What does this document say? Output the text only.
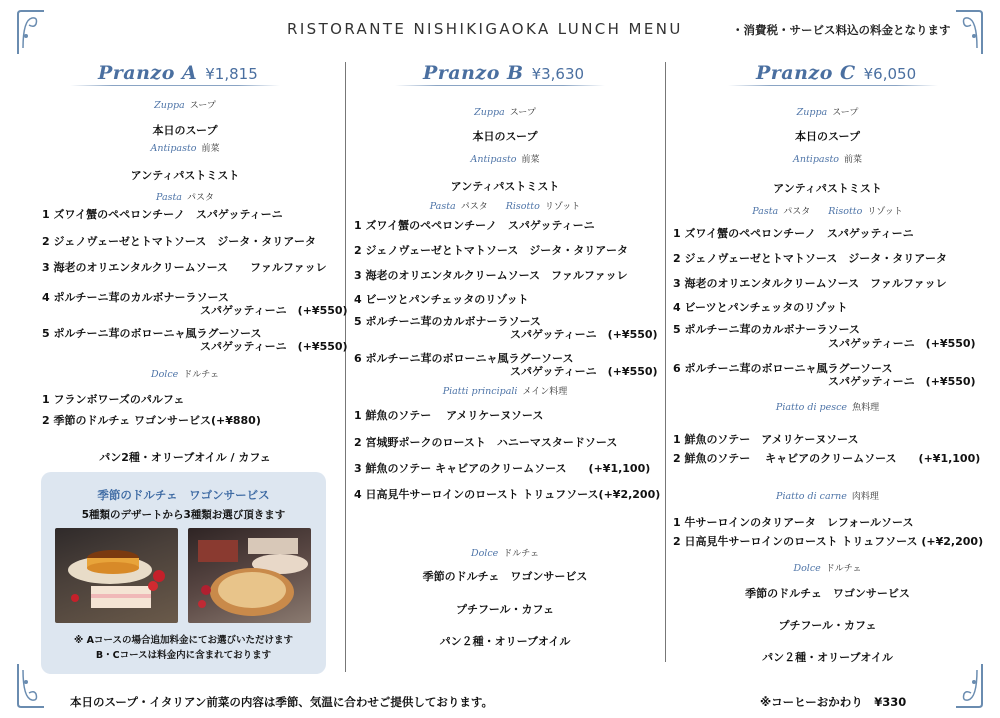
RISTORANTE NISHIKIGAOKA LUNCH MENU	・消費税・サービス料込の料金となります
Pranzo A ¥1,815
Zuppa スープ
本日のスープ
Antipasto 前菜
アンティパストミスト
Pasta パスタ
1 ズワイ蟹のペペロンチーノ　スパゲッティーニ
2 ジェノヴェーゼとトマトソース　ジータ・タリアータ
3 海老のオリエンタルクリームソース　　ファルファッレ
4 ポルチーニ茸のカルボナーラソース
スパゲッティーニ　(+¥550)
5 ポルチーニ茸のボローニャ風ラグーソース
スパゲッティーニ　(+¥550)
Dolce ドルチェ
1 フランボワーズのパルフェ
2 季節のドルチェ ワゴンサービス(+¥880)
パン2種・オリーブオイル / カフェ
季節のドルチェ　ワゴンサービス
5種類のデザートから3種類お選び頂きます
※ Aコースの場合追加料金にてお選びいただけます
B・Cコースは料金内に含まれております
Pranzo B ¥3,630
Zuppa スープ
本日のスープ
Antipasto 前菜
アンティパストミスト
Pasta パスタ Risotto リゾット
1 ズワイ蟹のペペロンチーノ　スパゲッティーニ
2 ジェノヴェーゼとトマトソース　ジータ・タリアータ
3 海老のオリエンタルクリームソース　ファルファッレ
4 ビーツとパンチェッタのリゾット
5 ポルチーニ茸のカルボナーラソース
スパゲッティーニ　(+¥550)
6 ポルチーニ茸のボローニャ風ラグーソース
スパゲッティーニ　(+¥550)
Piatti principali メイン料理
1 鮮魚のソテー　 アメリケーヌソース
2 宮城野ポークのロースト　ハニーマスタードソース
3 鮮魚のソテー キャビアのクリームソース　　(+¥1,100)
4 日高見牛サーロインのロースト トリュフソース(+¥2,200)
Dolce ドルチェ
季節のドルチェ　ワゴンサービス
プチフール・カフェ
パン２種・オリーブオイル
Pranzo C ¥6,050
Zuppa スープ
本日のスープ
Antipasto 前菜
アンティパストミスト
Pasta パスタ Risotto リゾット
1 ズワイ蟹のペペロンチーノ　スパゲッティーニ
2 ジェノヴェーゼとトマトソース　ジータ・タリアータ
3 海老のオリエンタルクリームソース　ファルファッレ
4 ビーツとパンチェッタのリゾット
5 ポルチーニ茸のカルボナーラソース
スパゲッティーニ　(+¥550)
6 ポルチーニ茸のボローニャ風ラグーソース
スパゲッティーニ　(+¥550)
Piatto di pesce 魚料理
1 鮮魚のソテー　アメリケーヌソース
2 鮮魚のソテー　 キャビアのクリームソース　　(+¥1,100)
Piatto di carne 肉料理
1 牛サーロインのタリアータ　レフォールソース
2 日高見牛サーロインのロースト トリュフソース (+¥2,200)
Dolce ドルチェ
季節のドルチェ　ワゴンサービス
プチフール・カフェ
パン２種・オリーブオイル
本日のスープ・イタリアン前菜の内容は季節、気温に合わせご提供しております。	※コーヒーおかわり　¥330
